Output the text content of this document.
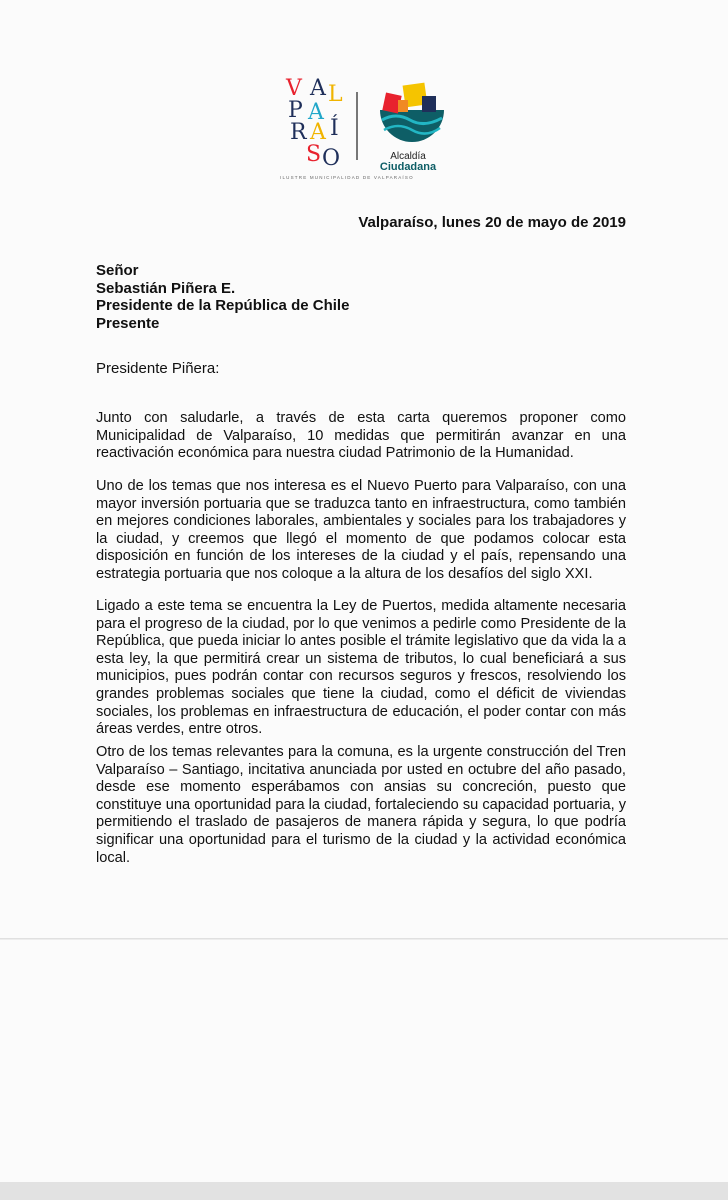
V A L
P A
R A Í
S O	Alcaldía
Ciudadana
ILUSTRE MUNICIPALIDAD DE VALPARAÍSO
Valparaíso, lunes 20 de mayo de 2019
Señor
Sebastián Piñera E.
Presidente de la República de Chile
Presente
Presidente Piñera:

Junto con saludarle, a través de esta carta queremos proponer como Municipalidad de Valparaíso, 10 medidas que permitirán avanzar en una reactivación económica para nuestra ciudad Patrimonio de la Humanidad.

Uno de los temas que nos interesa es el Nuevo Puerto para Valparaíso, con una mayor inversión portuaria que se traduzca tanto en infraestructura, como también en mejores condiciones laborales, ambientales y sociales para los trabajadores y la ciudad, y creemos que llegó el momento de que podamos colocar esta disposición en función de los intereses de la ciudad y el país, repensando una estrategia portuaria que nos coloque a la altura de los desafíos del siglo XXI.

Ligado a este tema se encuentra la Ley de Puertos, medida altamente necesaria para el progreso de la ciudad, por lo que venimos a pedirle como Presidente de la República, que pueda iniciar lo antes posible el trámite legislativo que da vida la a esta ley, la que permitirá crear un sistema de tributos, lo cual beneficiará a sus municipios, pues podrán contar con recursos seguros y frescos, resolviendo los grandes problemas sociales que tiene la ciudad, como el déficit de viviendas sociales, los problemas en infraestructura de educación, el poder contar con más áreas verdes, entre otros.

Otro de los temas relevantes para la comuna, es la urgente construcción del Tren Valparaíso – Santiago, incitativa anunciada por usted en octubre del año pasado, desde ese momento esperábamos con ansias su concreción, puesto que constituye una oportunidad para la ciudad, fortaleciendo su capacidad portuaria, y permitiendo el traslado de pasajeros de manera rápida y segura, lo que podría significar una oportunidad para el turismo de la ciudad y la actividad económica local.
